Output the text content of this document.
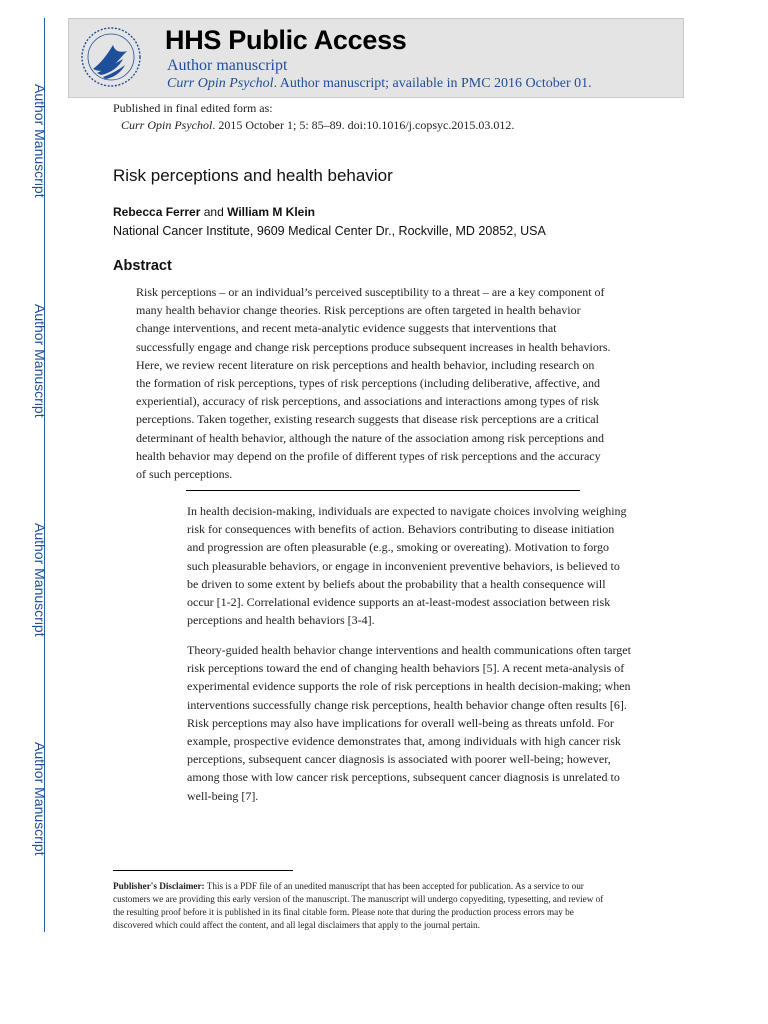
Author Manuscript
Author Manuscript
Author Manuscript
Author Manuscript
HHS Public Access
Author manuscript
Curr Opin Psychol. Author manuscript; available in PMC 2016 October 01.
Published in final edited form as:
Curr Opin Psychol. 2015 October 1; 5: 85–89. doi:10.1016/j.copsyc.2015.03.012.
Risk perceptions and health behavior
Rebecca Ferrer and William M Klein
National Cancer Institute, 9609 Medical Center Dr., Rockville, MD 20852, USA
Abstract
Risk perceptions – or an individual’s perceived susceptibility to a threat – are a key component of
many health behavior change theories. Risk perceptions are often targeted in health behavior
change interventions, and recent meta-analytic evidence suggests that interventions that
successfully engage and change risk perceptions produce subsequent increases in health behaviors.
Here, we review recent literature on risk perceptions and health behavior, including research on
the formation of risk perceptions, types of risk perceptions (including deliberative, affective, and
experiential), accuracy of risk perceptions, and associations and interactions among types of risk
perceptions. Taken together, existing research suggests that disease risk perceptions are a critical
determinant of health behavior, although the nature of the association among risk perceptions and
health behavior may depend on the profile of different types of risk perceptions and the accuracy
of such perceptions.
In health decision-making, individuals are expected to navigate choices involving weighing
risk for consequences with benefits of action. Behaviors contributing to disease initiation
and progression are often pleasurable (e.g., smoking or overeating). Motivation to forgo
such pleasurable behaviors, or engage in inconvenient preventive behaviors, is believed to
be driven to some extent by beliefs about the probability that a health consequence will
occur [1-2]. Correlational evidence supports an at-least-modest association between risk
perceptions and health behaviors [3-4].
Theory-guided health behavior change interventions and health communications often target
risk perceptions toward the end of changing health behaviors [5]. A recent meta-analysis of
experimental evidence supports the role of risk perceptions in health decision-making; when
interventions successfully change risk perceptions, health behavior change often results [6].
Risk perceptions may also have implications for overall well-being as threats unfold. For
example, prospective evidence demonstrates that, among individuals with high cancer risk
perceptions, subsequent cancer diagnosis is associated with poorer well-being; however,
among those with low cancer risk perceptions, subsequent cancer diagnosis is unrelated to
well-being [7].
Publisher's Disclaimer: This is a PDF file of an unedited manuscript that has been accepted for publication. As a service to our
customers we are providing this early version of the manuscript. The manuscript will undergo copyediting, typesetting, and review of
the resulting proof before it is published in its final citable form. Please note that during the production process errors may be
discovered which could affect the content, and all legal disclaimers that apply to the journal pertain.
